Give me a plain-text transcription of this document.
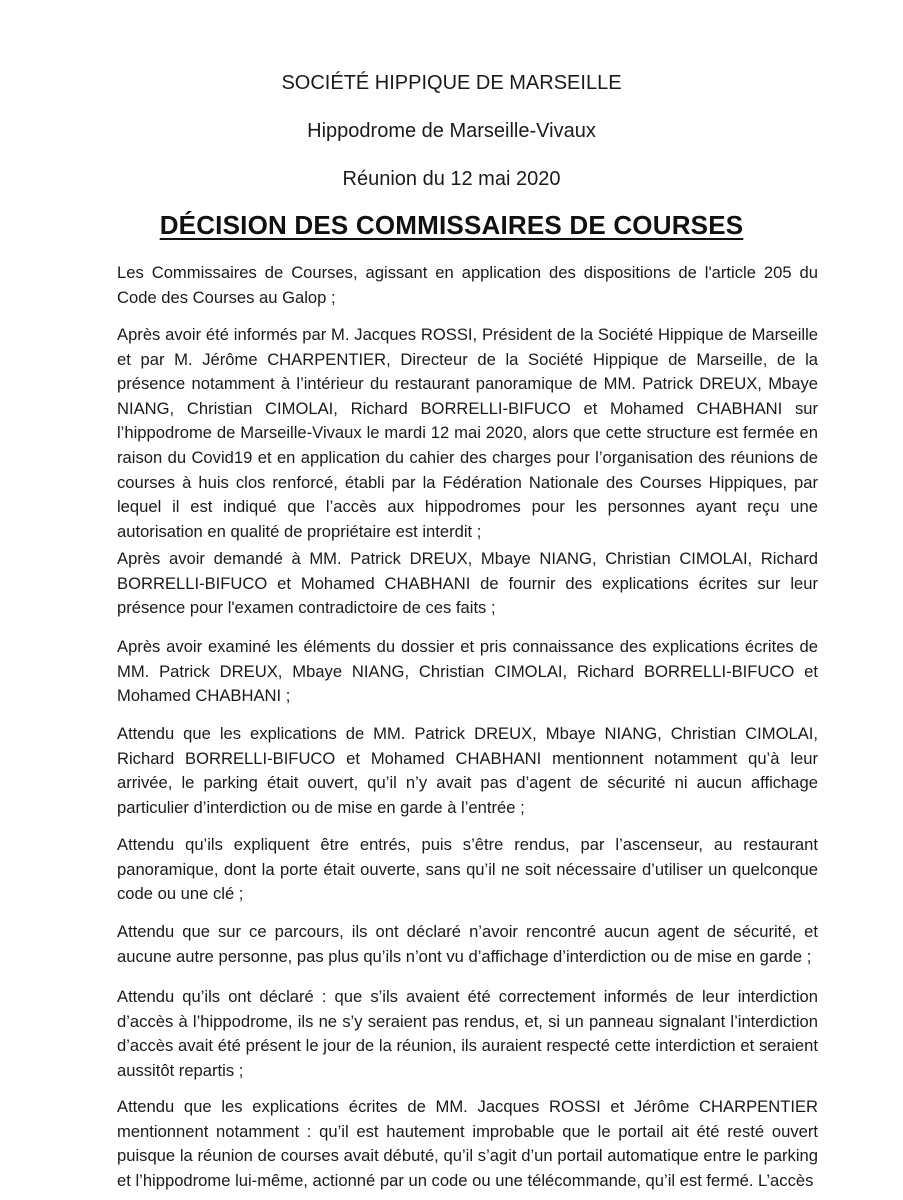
SOCIÉTÉ HIPPIQUE DE MARSEILLE
Hippodrome de Marseille-Vivaux
Réunion du 12 mai 2020
DÉCISION DES COMMISSAIRES DE COURSES

Les Commissaires de Courses, agissant en application des dispositions de l'article 205 du Code des Courses au Galop ;

Après avoir été informés par M. Jacques ROSSI, Président de la Société Hippique de Marseille et par M. Jérôme CHARPENTIER, Directeur de la Société Hippique de Marseille, de la présence notamment à l’intérieur du restaurant panoramique de MM. Patrick DREUX, Mbaye NIANG, Christian CIMOLAI, Richard BORRELLI-BIFUCO et Mohamed CHABHANI sur l’hippodrome de Marseille-Vivaux le mardi 12 mai 2020, alors que cette structure est fermée en raison du Covid19 et en application du cahier des charges pour l’organisation des réunions de courses à huis clos renforcé, établi par la Fédération Nationale des Courses Hippiques, par lequel il est indiqué que l’accès aux hippodromes pour les personnes ayant reçu une autorisation en qualité de propriétaire est interdit ;

Après avoir demandé à MM. Patrick DREUX, Mbaye NIANG, Christian CIMOLAI, Richard BORRELLI-BIFUCO et Mohamed CHABHANI de fournir des explications écrites sur leur présence pour l'examen contradictoire de ces faits ;

Après avoir examiné les éléments du dossier et pris connaissance des explications écrites de MM. Patrick DREUX, Mbaye NIANG, Christian CIMOLAI, Richard BORRELLI-BIFUCO et Mohamed CHABHANI ;

Attendu que les explications de MM. Patrick DREUX, Mbaye NIANG, Christian CIMOLAI, Richard BORRELLI-BIFUCO et Mohamed CHABHANI mentionnent notamment qu’à leur arrivée, le parking était ouvert, qu’il n’y avait pas d’agent de sécurité ni aucun affichage particulier d’interdiction ou de mise en garde à l’entrée ;

Attendu qu’ils expliquent être entrés, puis s’être rendus, par l’ascenseur, au restaurant panoramique, dont la porte était ouverte, sans qu’il ne soit nécessaire d’utiliser un quelconque code ou une clé ;

Attendu que sur ce parcours, ils ont déclaré n’avoir rencontré aucun agent de sécurité, et aucune autre personne, pas plus qu’ils n’ont vu d’affichage d’interdiction ou de mise en garde ;

Attendu qu’ils ont déclaré : que s’ils avaient été correctement informés de leur interdiction d’accès à l’hippodrome, ils ne s’y seraient pas rendus, et, si un panneau signalant l’interdiction d’accès avait été présent le jour de la réunion, ils auraient respecté cette interdiction et seraient aussitôt repartis ;

Attendu que les explications écrites de MM. Jacques ROSSI et Jérôme CHARPENTIER mentionnent notamment : qu’il est hautement improbable que le portail ait été resté ouvert puisque la réunion de courses avait débuté, qu’il s’agit d’un portail automatique entre le parking et l’hippodrome lui-même, actionné par un code ou une télécommande, qu’il est fermé. L’accès
